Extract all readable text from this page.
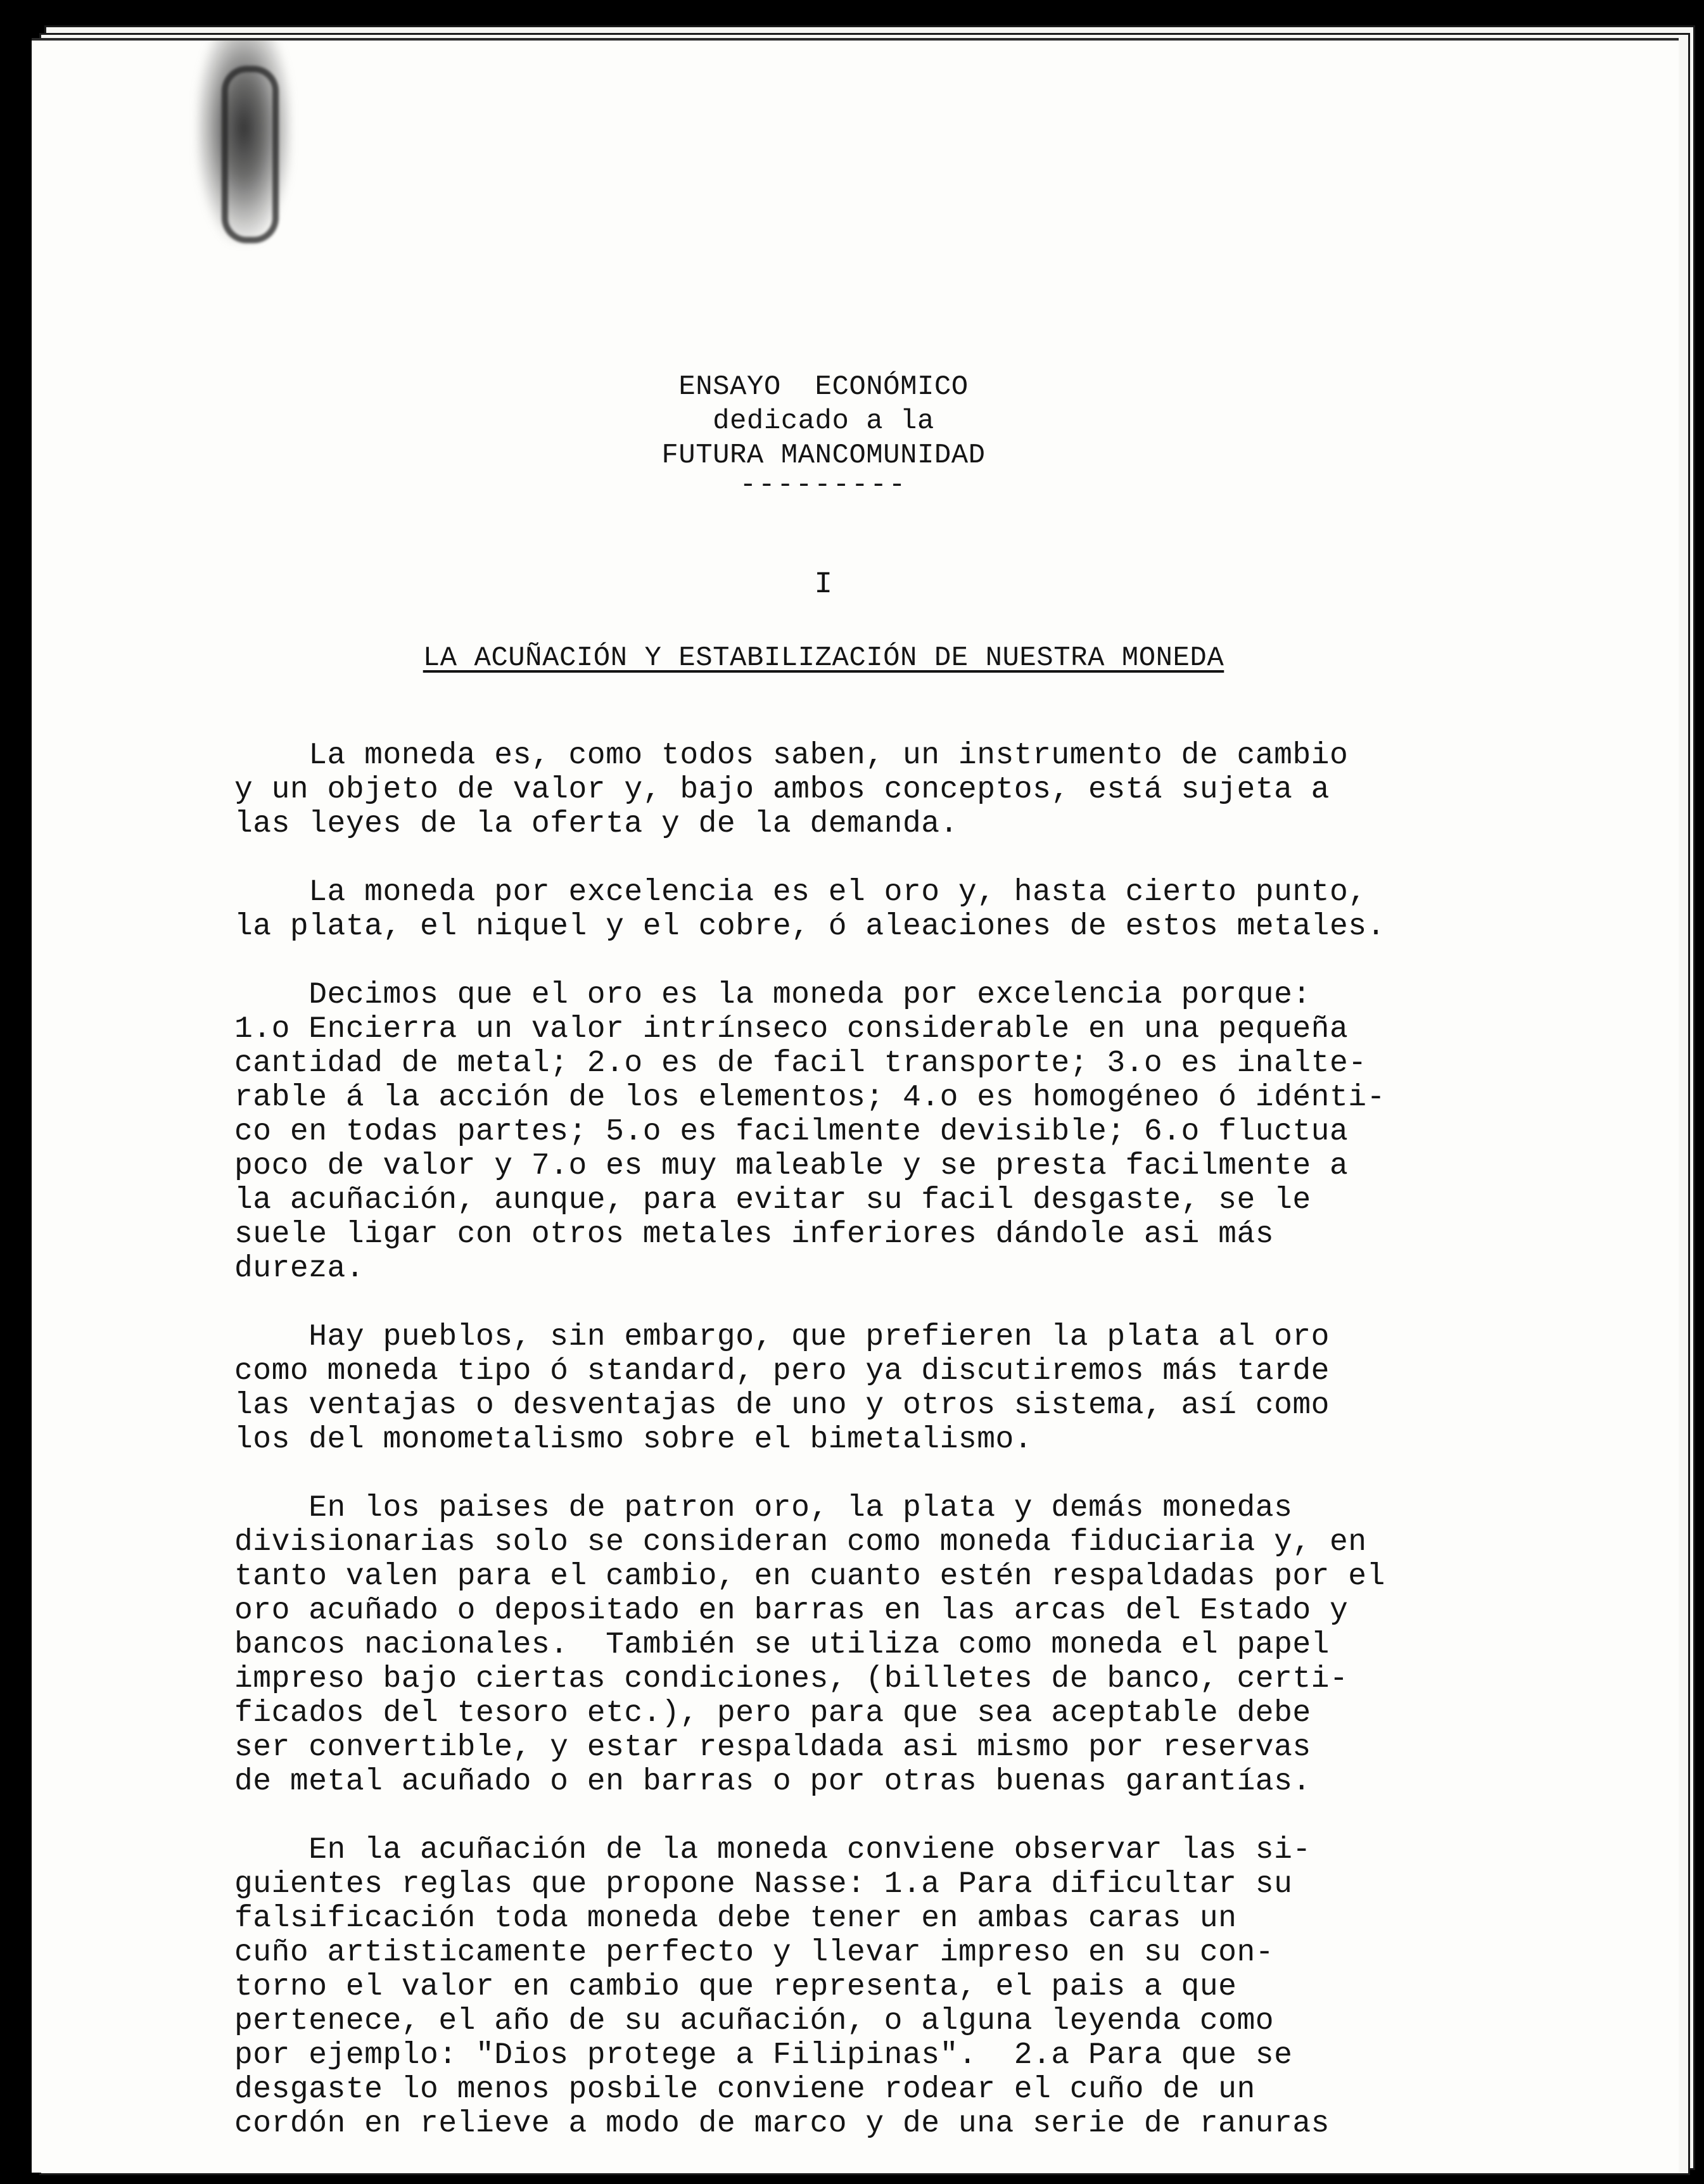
ENSAYO  ECONÓMICO
dedicado a la
FUTURA MANCOMUNIDAD
---------
I
LA ACUÑACIÓN Y ESTABILIZACIÓN DE NUESTRA MONEDA
La moneda es, como todos saben, un instrumento de cambio
y un objeto de valor y, bajo ambos conceptos, está sujeta a
las leyes de la oferta y de la demanda.
La moneda por excelencia es el oro y, hasta cierto punto,
la plata, el niquel y el cobre, ó aleaciones de estos metales.
Decimos que el oro es la moneda por excelencia porque:
1.o Encierra un valor intrínseco considerable en una pequeña
cantidad de metal; 2.o es de facil transporte; 3.o es inalte-
rable á la acción de los elementos; 4.o es homogéneo ó idénti-
co en todas partes; 5.o es facilmente devisible; 6.o fluctua
poco de valor y 7.o es muy maleable y se presta facilmente a
la acuñación, aunque, para evitar su facil desgaste, se le
suele ligar con otros metales inferiores dándole asi más
dureza.
Hay pueblos, sin embargo, que prefieren la plata al oro
como moneda tipo ó standard, pero ya discutiremos más tarde
las ventajas o desventajas de uno y otros sistema, así como
los del monometalismo sobre el bimetalismo.
En los paises de patron oro, la plata y demás monedas
divisionarias solo se consideran como moneda fiduciaria y, en
tanto valen para el cambio, en cuanto estén respaldadas por el
oro acuñado o depositado en barras en las arcas del Estado y
bancos nacionales.  También se utiliza como moneda el papel
impreso bajo ciertas condiciones, (billetes de banco, certi-
ficados del tesoro etc.), pero para que sea aceptable debe
ser convertible, y estar respaldada asi mismo por reservas
de metal acuñado o en barras o por otras buenas garantías.
En la acuñación de la moneda conviene observar las si-
guientes reglas que propone Nasse: 1.a Para dificultar su
falsificación toda moneda debe tener en ambas caras un
cuño artisticamente perfecto y llevar impreso en su con-
torno el valor en cambio que representa, el pais a que
pertenece, el año de su acuñación, o alguna leyenda como
por ejemplo: "Dios protege a Filipinas".  2.a Para que se
desgaste lo menos posbile conviene rodear el cuño de un
cordón en relieve a modo de marco y de una serie de ranuras
